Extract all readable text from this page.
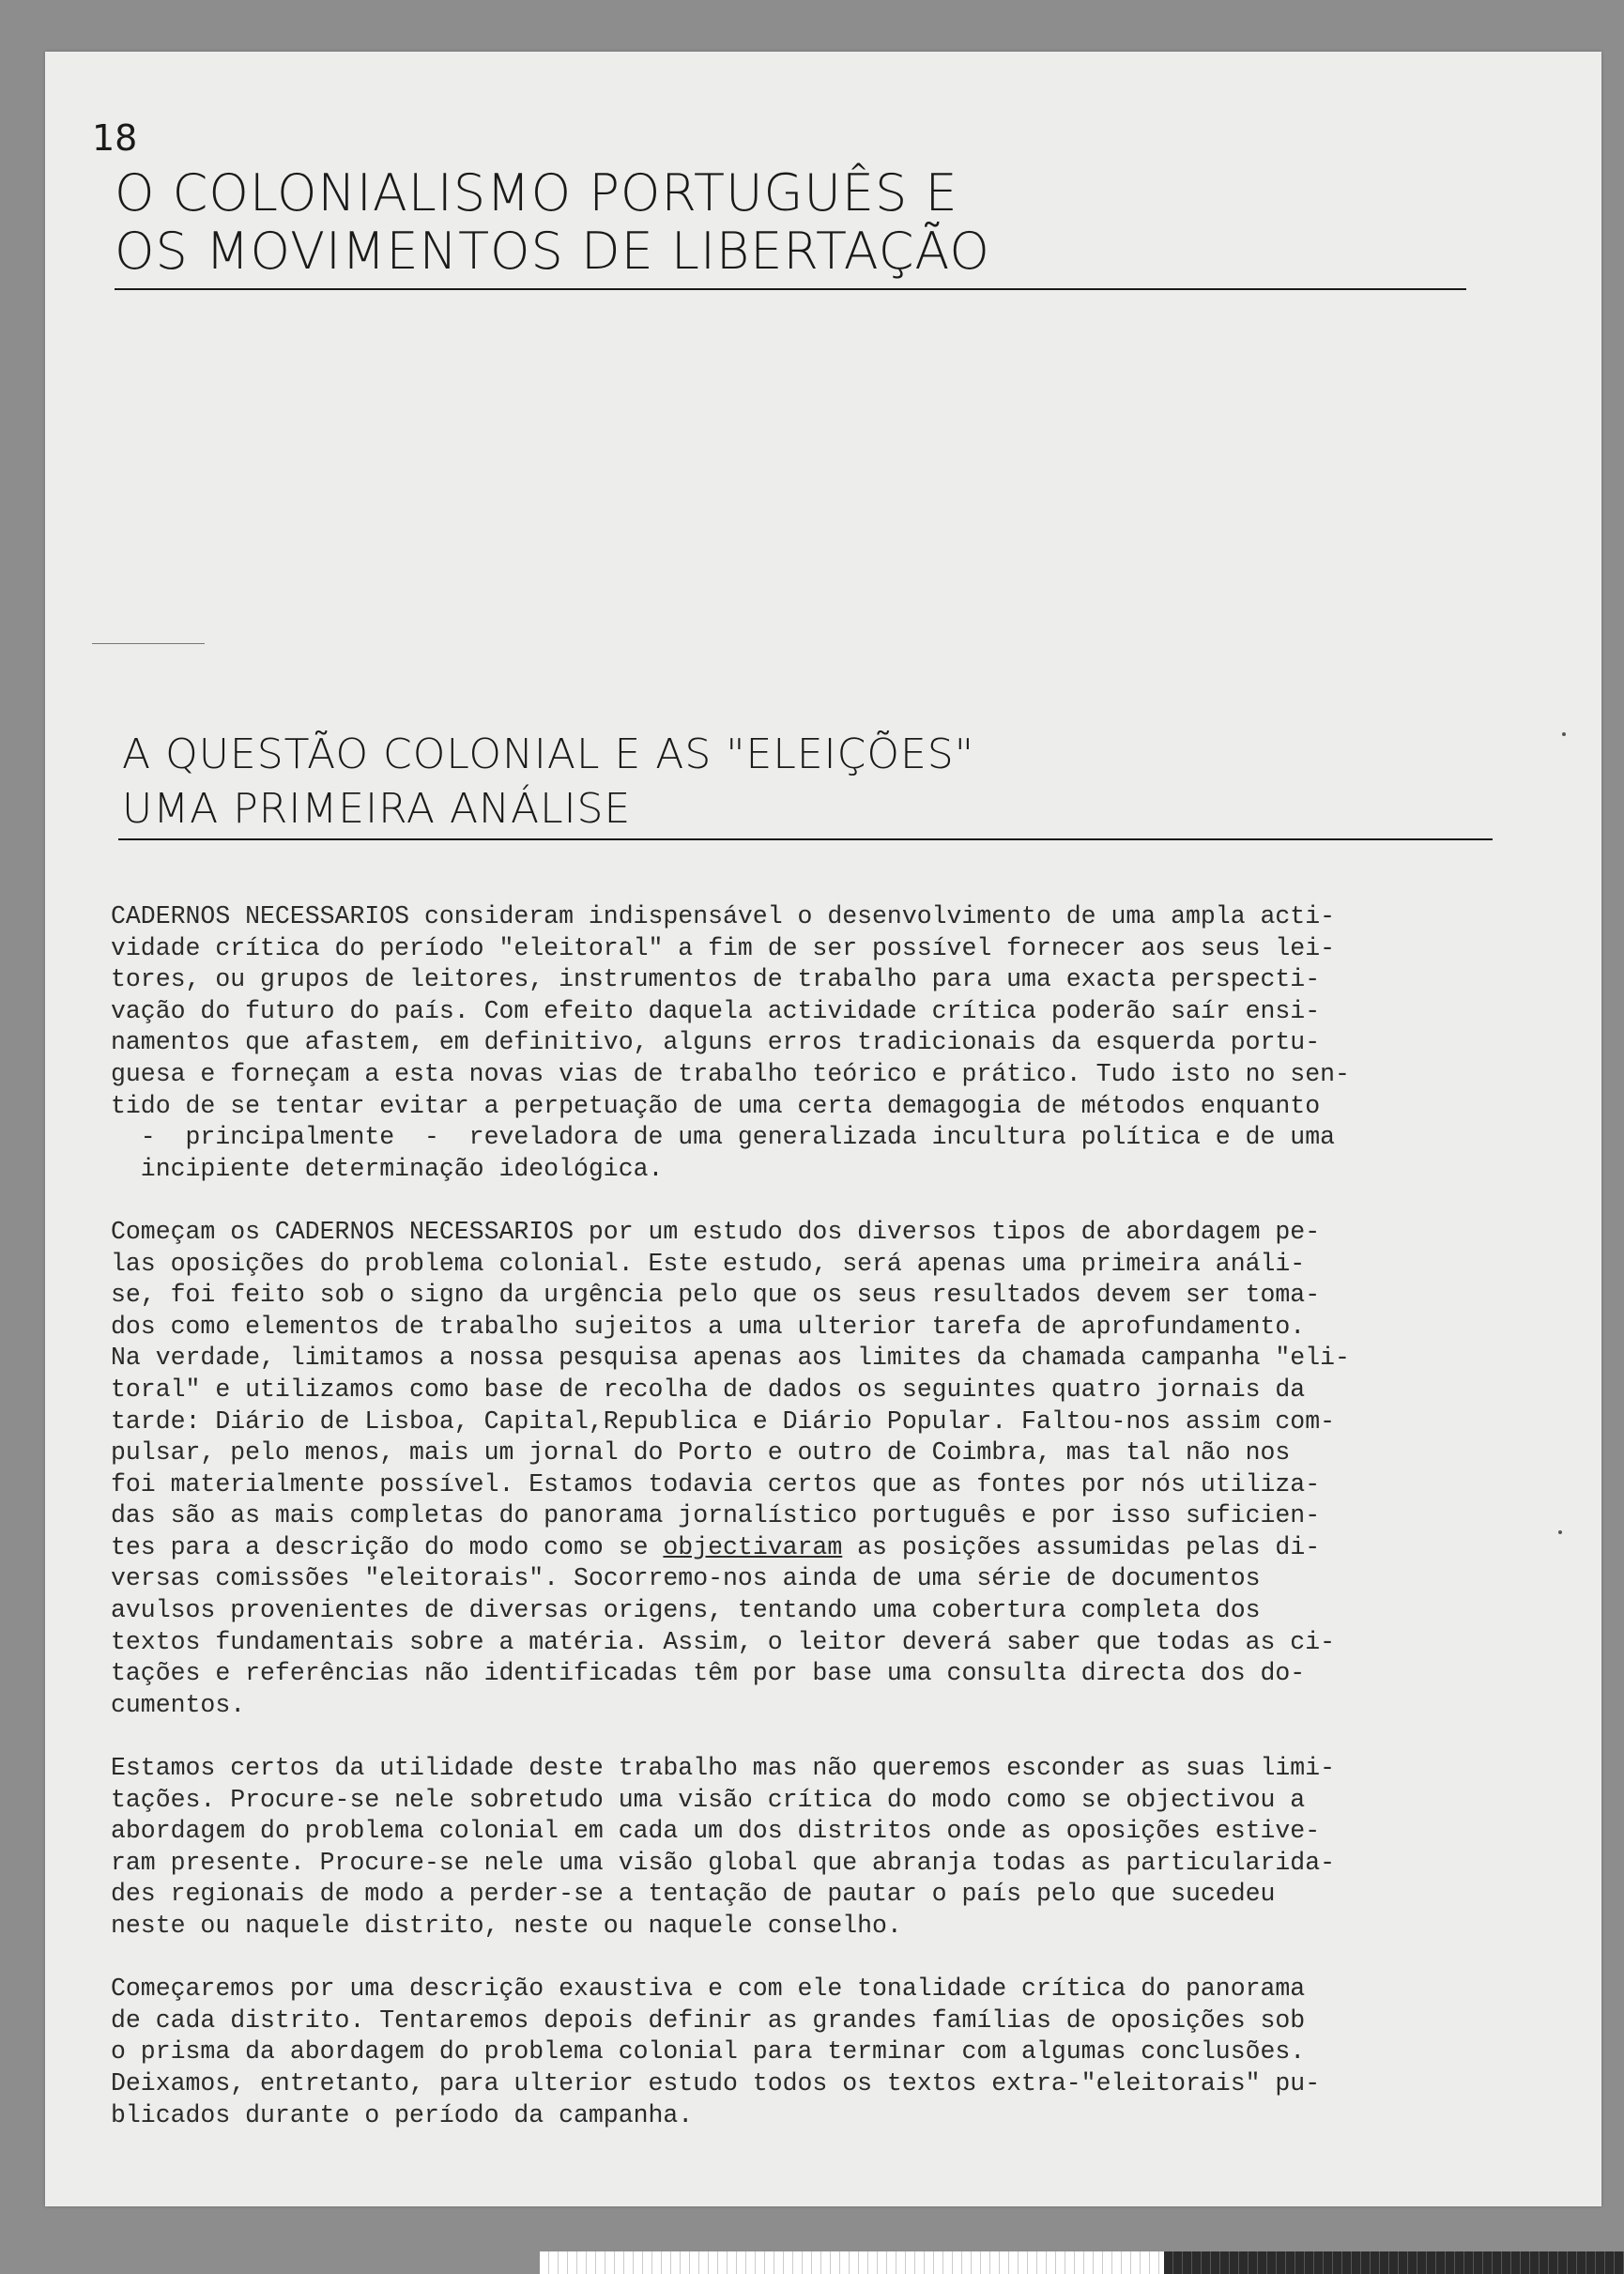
18
O COLONIALISMO PORTUGUÊS E
OS MOVIMENTOS DE LIBERTAÇÃO
A QUESTÃO COLONIAL E AS "ELEIÇÕES"
UMA PRIMEIRA ANÁLISE

CADERNOS NECESSARIOS consideram indispensável o desenvolvimento de uma ampla acti-
vidade crítica do período "eleitoral" a fim de ser possível fornecer aos seus lei-
tores, ou grupos de leitores, instrumentos de trabalho para uma exacta perspecti-
vação do futuro do país. Com efeito daquela actividade crítica poderão saír ensi-
namentos que afastem, em definitivo, alguns erros tradicionais da esquerda portu-
guesa e forneçam a esta novas vias de trabalho teórico e prático. Tudo isto no sen-
tido de se tentar evitar a perpetuação de uma certa demagogia de métodos enquanto
-  principalmente  -  reveladora de uma generalizada incultura política e de uma
incipiente determinação ideológica.

Começam os CADERNOS NECESSARIOS por um estudo dos diversos tipos de abordagem pe-
las oposições do problema colonial. Este estudo, será apenas uma primeira análi-
se, foi feito sob o signo da urgência pelo que os seus resultados devem ser toma-
dos como elementos de trabalho sujeitos a uma ulterior tarefa de aprofundamento.
Na verdade, limitamos a nossa pesquisa apenas aos limites da chamada campanha "eli-
toral" e utilizamos como base de recolha de dados os seguintes quatro jornais da
tarde: Diário de Lisboa, Capital,Republica e Diário Popular. Faltou-nos assim com-
pulsar, pelo menos, mais um jornal do Porto e outro de Coimbra, mas tal não nos
foi materialmente possível. Estamos todavia certos que as fontes por nós utiliza-
das são as mais completas do panorama jornalístico português e por isso suficien-
tes para a descrição do modo como se objectivaram as posições assumidas pelas di-
versas comissões "eleitorais". Socorremo-nos ainda de uma série de documentos
avulsos provenientes de diversas origens, tentando uma cobertura completa dos
textos fundamentais sobre a matéria. Assim, o leitor deverá saber que todas as ci-
tações e referências não identificadas têm por base uma consulta directa dos do-
cumentos.

Estamos certos da utilidade deste trabalho mas não queremos esconder as suas limi-
tações. Procure-se nele sobretudo uma visão crítica do modo como se objectivou a
abordagem do problema colonial em cada um dos distritos onde as oposições estive-
ram presente. Procure-se nele uma visão global que abranja todas as particularida-
des regionais de modo a perder-se a tentação de pautar o país pelo que sucedeu
neste ou naquele distrito, neste ou naquele conselho.

Começaremos por uma descrição exaustiva e com ele tonalidade crítica do panorama
de cada distrito. Tentaremos depois definir as grandes famílias de oposições sob
o prisma da abordagem do problema colonial para terminar com algumas conclusões.
Deixamos, entretanto, para ulterior estudo todos os textos extra-"eleitorais" pu-
blicados durante o período da campanha.
